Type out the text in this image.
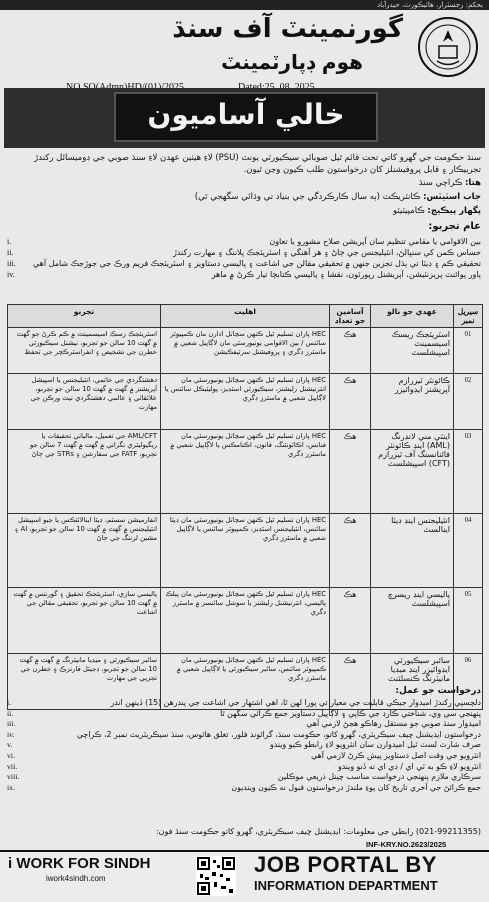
بحکم: رجسٽرار، هائيڪورٽ، حيدرآباد
گورنمينٽ آف سنڌ
هوم ڊپارٽمينٽ
خالي آساميون
سنڌ حڪومت جي گهرو کاتي تحت قائم ٿيل صوبائي سيڪيورٽي يونٽ (PSU) لاءِ هيٺين عهدن لاءِ سنڌ صوبي جي ڊوميسائل رکندڙ تجربيڪار ۽ قابل پروفيشنلز کان درخواستون طلب ڪيون وڃن ٿيون.
هتا: ڪراچي سنڌ
جاب اسٽيٽس: ڪانٽريڪٽ (ٻه سال ڪارڪردگي جي بنياد تي وڌائي سگهجي ٿي)
پگهار پيڪيج: ڪامپيٽيٽو
عام تجربو:
بين الاقوامي يا مقامي تنظيم سان آپريشن صلاح مشورو يا تعاون
i.
حساس ڪمن کي سنڀالڻ، انٽيليجنس جي ڄاڻ ۽ هر آهنگي ۽ اسٽريٽجڪ پلاننگ ۽ مهارت رکندڙ
ii.
تحقيقي ڪم ۽ ڊيٽا تي ٻڌل تجزين جنهن ۾ تحقيقي مقالن جي اشاعت ۽ پاليسي دستاويز ۽ اسٽريٽجڪ فريم ورڪ جي جوڙجڪ شامل آهي
iii.
پاور پوائنٽ پريزنٽيشن، آپريشنل رپورٽون، نقشا ۽ پاليسي ڪتابچا تيار ڪرڻ ۾ ماهر
iv.
سيريل نمبر	عهدي جو نالو	آسامين جو تعداد	اهليت	تجربو
01	اسٽريٽجڪ ريسڪ اسيسمينٽ اسپيشلسٽ	هڪ	HEC پاران تسليم ٿيل ڪنهن سڃاتل ادارن مان ڪمپيوٽر سائنس / بين الاقوامي يونيورسٽي مان لاڳاپيل شعبي ۾ ماسٽرز ڊگري ۽ پروفيشنل سرٽيفڪيشن	اسٽريٽجڪ رسڪ اسيسمينٽ ۾ ڪم ڪرڻ جو گهٽ ۾ گهٽ 10 سالن جو تجربو، نيشنل سيڪيورٽي خطرن جي تشخيص ۽ انفراسٽرڪچر جي تحفظ
02	ڪائونٽر ٽيررازم آپريشنز ايڊوائيزر	هڪ	HEC پاران تسليم ٿيل ڪنهن سڃاتل يونيورسٽي مان انٽرنيشنل رليشنز، سيڪيورٽي اسٽڊيز، پوليٽيڪل سائنس يا لاڳاپيل شعبي ۾ ماسٽرز ڊگري	دهشتگردي جي خاتمي، انٽيليجنس يا اسپيشل آپريشنز ۾ گهٽ ۾ گهٽ 10 سالن جو تجربو، علائقائي ۽ عالمي دهشتگردي نيٽ ورڪن جي مهارت
03	اينٽي مني لانڊرنگ (AML) اينڊ ڪائونٽر فائنانسنگ آف ٽيررازم (CFT) اسپيشلسٽ	هڪ	HEC پاران تسليم ٿيل ڪنهن سڃاتل يونيورسٽي مان فنانس، اڪائونٽنگ، قانون، اڪنامڪس يا لاڳاپيل شعبي ۾ ماسٽرز ڊگري	AML/CFT جي تعميل، مالياتي تحقيقات يا ريگيوليٽري نگراني ۾ گهٽ ۾ گهٽ 7 سالن جو تجربو، FATF جي سفارشن ۽ STRs جي ڄاڻ
04	انٽيليجنس اينڊ ڊيٽا اينالسٽ	هڪ	HEC پاران تسليم ٿيل ڪنهن سڃاتل يونيورسٽي مان ڊيٽا سائنس، انٽيليجنس اسٽڊيز، ڪمپيوٽر سائنس يا لاڳاپيل شعبي ۾ ماسٽرز ڊگري	انفارميشن سسٽم، ڊيٽا اينالائٽڪس يا جيو اسپيشل انٽيليجنس ۾ گهٽ ۾ گهٽ 10 سالن جو تجربو، AI ۽ مشين لرننگ جي ڄاڻ
05	پاليسي اينڊ ريسرچ اسپيشلسٽ	هڪ	HEC پاران تسليم ٿيل ڪنهن سڃاتل يونيورسٽي مان پبلڪ پاليسي، انٽرنيشنل رليشنز يا سوشل سائنسز ۾ ماسٽرز ڊگري	پاليسي سازي، اسٽريٽجڪ تحقيق ۽ گورننس ۾ گهٽ ۾ گهٽ 10 سالن جو تجربو، تحقيقي مقالن جي اشاعت
06	سائبر سيڪيورٽي ايڊوائيزر اينڊ ميڊيا مانيٽرنگ ڪنسلٽنٽ	هڪ	HEC پاران تسليم ٿيل ڪنهن سڃاتل يونيورسٽي مان ڪمپيوٽر سائنس، سائبر سيڪيورٽي يا لاڳاپيل شعبي ۾ ماسٽرز ڊگري	سائبر سيڪيورٽي ۽ ميڊيا مانيٽرنگ ۾ گهٽ ۾ گهٽ 10 سالن جو تجربو، ڊجيٽل فارنزڪ ۽ خطرن جي تجزيي جي مهارت
درخواست جو عمل:
دلچسپي رکندڙ اميدوار جيڪي قابليت جي معيار تي پورا لهن ٿا، اهي اشتهار جي اشاعت جي پندرهن (15) ڏينهن اندر
i.
پنهنجي سي وي، شناختي ڪارڊ جي ڪاپي ۽ لاڳاپيل دستاويز جمع ڪرائي سگهن ٿا
ii.
اميدوار سنڌ صوبي جو مستقل رهاڪو هجڻ لازمي آهي
iii.
درخواستون ايڊيشنل چيف سيڪريٽري، گهرو کاتو، حڪومت سنڌ، گرائونڊ فلور، تغلق هائوس، سنڌ سيڪريٽريٽ نمبر 2، ڪراچي
iv.
صرف شارٽ لسٽ ٿيل اميدوارن سان انٽرويو لاءِ رابطو ڪيو ويندو
v.
انٽرويو جي وقت اصل دستاويز پيش ڪرڻ لازمي آهي
vi.
انٽرويو لاءِ ڪو به ٽي اي / ڊي اي نه ڏنو ويندو
vii.
سرڪاري ملازم پنهنجي درخواست مناسب چينل ذريعي موڪلين
viii.
جمع ڪرائڻ جي آخري تاريخ کان پوءِ ملندڙ درخواستون قبول نه ڪيون وينديون
ix.
(021-99211355) رابطي جي معلومات: ايڊيشنل چيف سيڪريٽري، گهرو کاتو حڪومت سنڌ فون:
INF-KRY.NO.2623/2025
i WORK FOR SINDH
iwork4sindh.com
JOB PORTAL BY
INFORMATION DEPARTMENT
